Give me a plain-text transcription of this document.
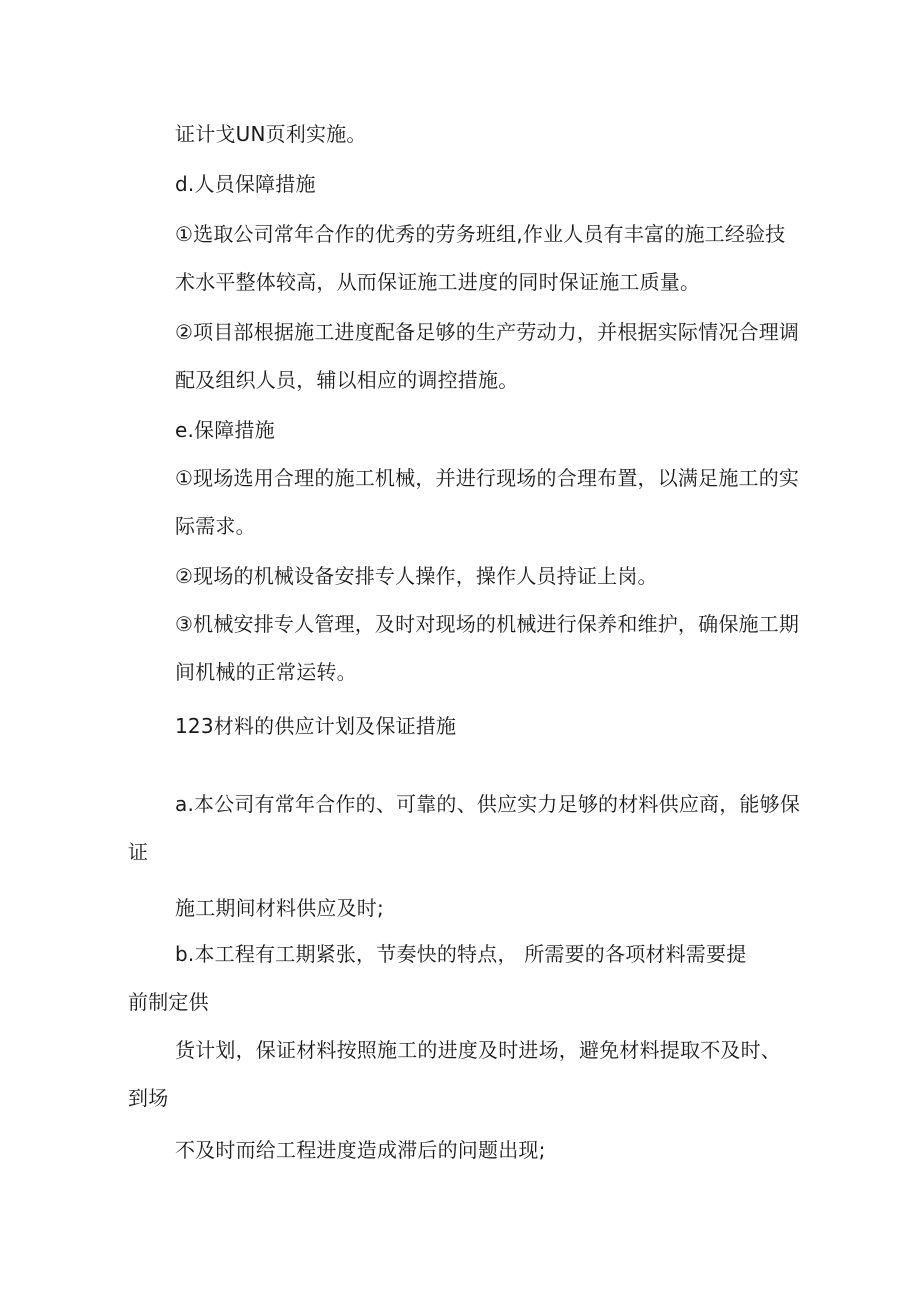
证计戈UN页利实施。
d.人员保障措施
①选取公司常年合作的优秀的劳务班组,作业人员有丰富的施工经验技
术水平整体较高，从而保证施工进度的同时保证施工质量。
②项目部根据施工进度配备足够的生产劳动力，并根据实际情况合理调
配及组织人员，辅以相应的调控措施。
e.保障措施
①现场选用合理的施工机械，并进行现场的合理布置，以满足施工的实
际需求。
②现场的机械设备安排专人操作，操作人员持证上岗。
③机械安排专人管理，及时对现场的机械进行保养和维护，确保施工期
间机械的正常运转。
123材料的供应计划及保证措施
a.本公司有常年合作的、可靠的、供应实力足够的材料供应商，能够保
证
施工期间材料供应及时;
b.本工程有工期紧张，节奏快的特点， 所需要的各项材料需要提
前制定供
货计划，保证材料按照施工的进度及时进场，避免材料提取不及时、
到场
不及时而给工程进度造成滞后的问题出现;
